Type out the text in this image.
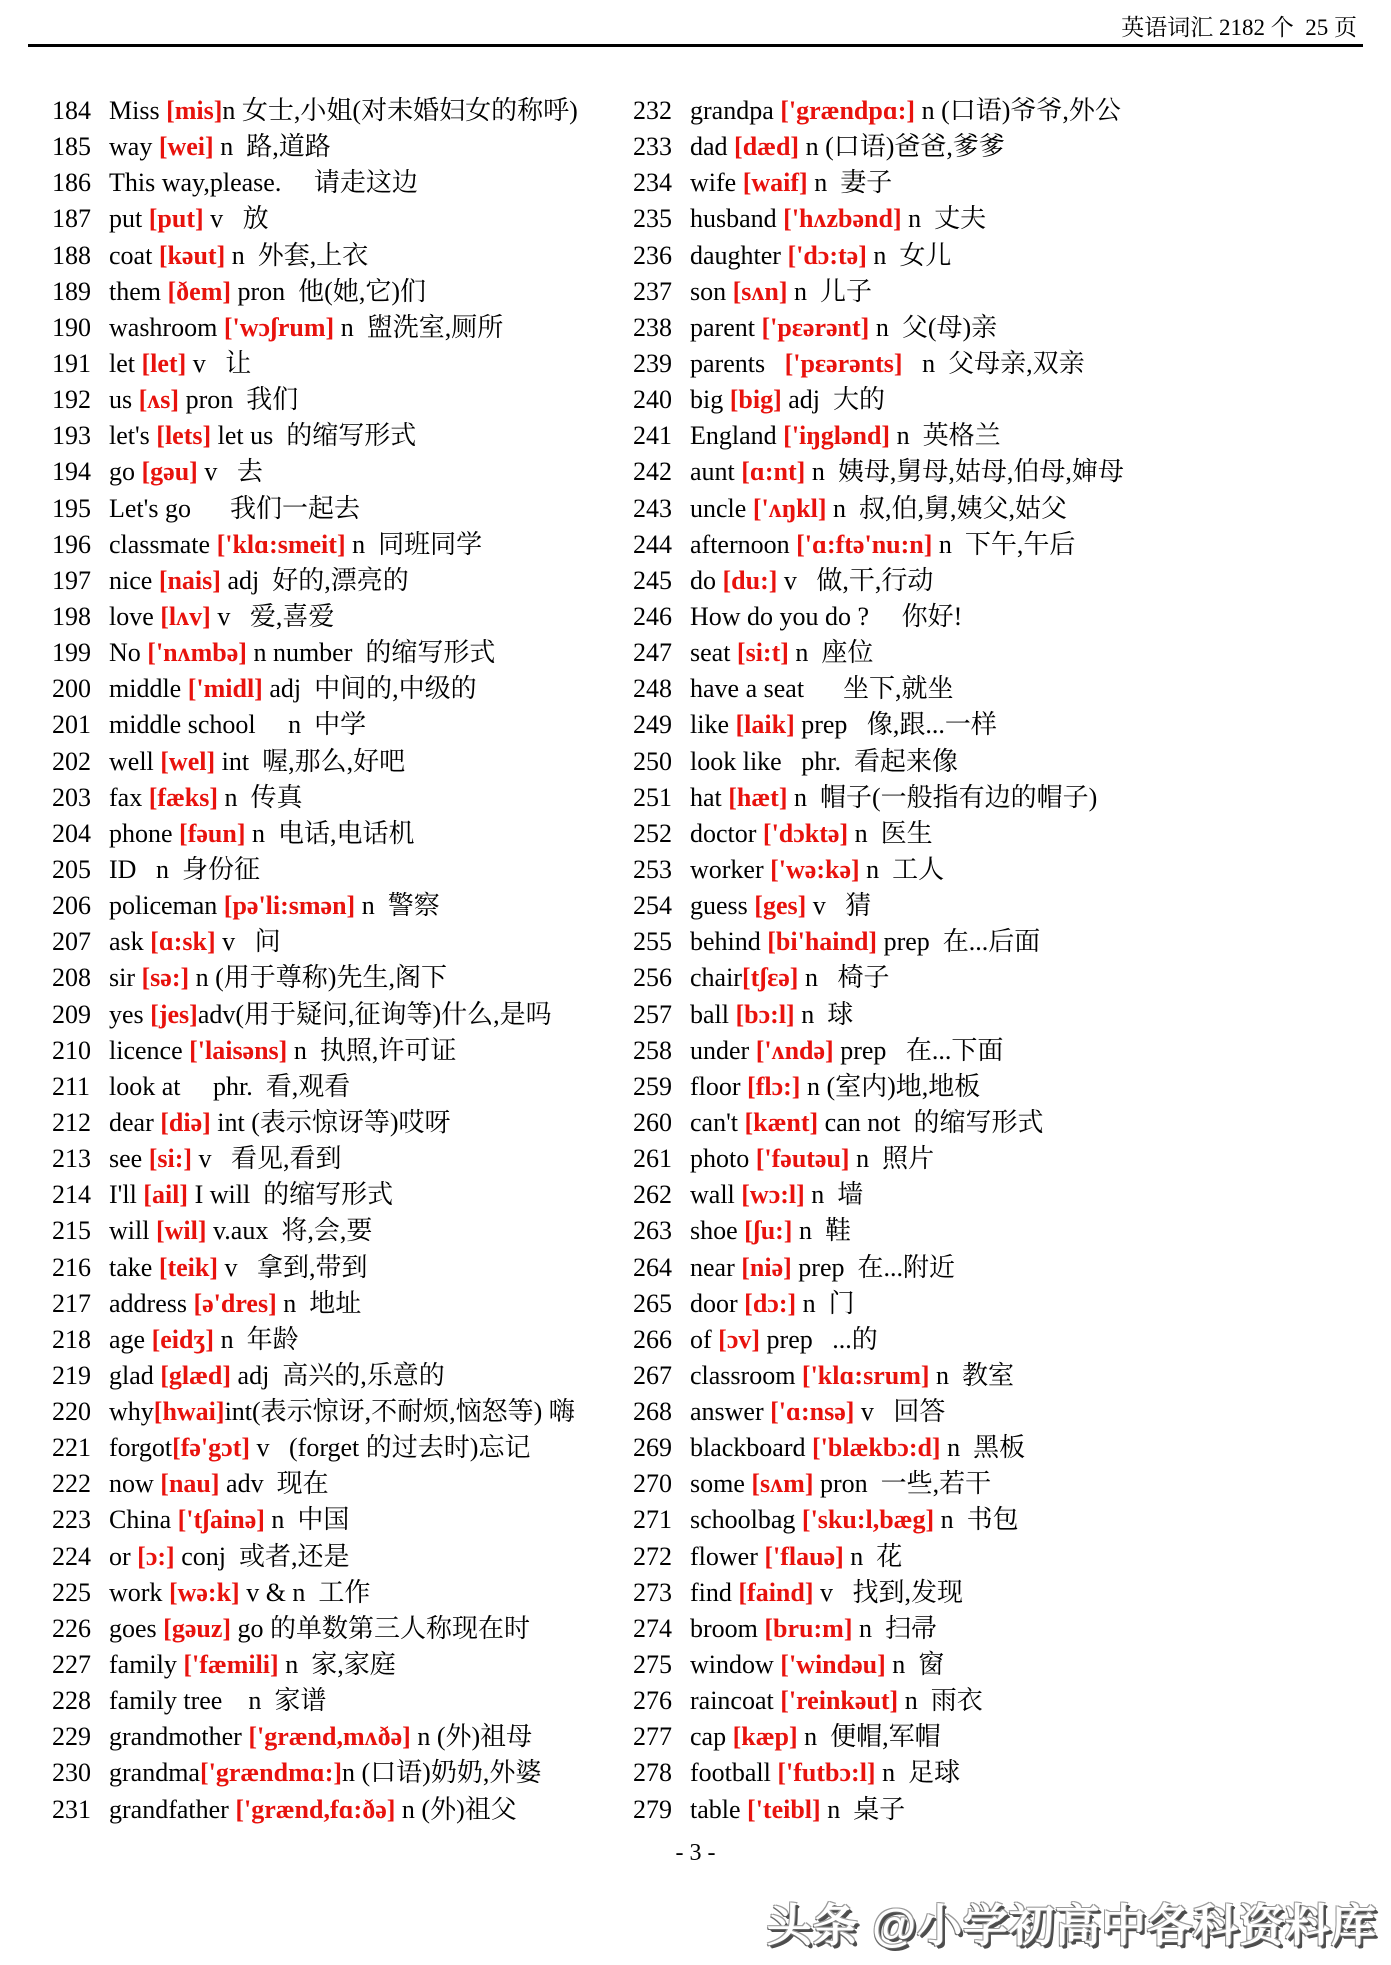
英语词汇 2182 个  25 页
184 Miss [mis]n 女士,小姐(对未婚妇女的称呼)
185 way [wei] n  路,道路
186 This way,please.     请走这边
187 put [put] v   放
188 coat [kəut] n  外套,上衣
189 them [ðem] pron  他(她,它)们
190 washroom ['wɔʃrum] n  盥洗室,厕所
191 let [let] v   让
192 us [ʌs] pron  我们
193 let's [lets] let us  的缩写形式
194 go [gəu] v   去
195 Let's go      我们一起去
196 classmate ['klɑ:smeit] n  同班同学
197 nice [nais] adj  好的,漂亮的
198 love [lʌv] v   爱,喜爱
199 No ['nʌmbə] n number  的缩写形式
200 middle ['midl] adj  中间的,中级的
201 middle school     n  中学
202 well [wel] int  喔,那么,好吧
203 fax [fæks] n  传真
204 phone [fəun] n  电话,电话机
205 ID   n  身份征
206 policeman [pə'li:smən] n  警察
207 ask [ɑ:sk] v   问
208 sir [sə:] n (用于尊称)先生,阁下
209 yes [jes]adv(用于疑问,征询等)什么,是吗
210 licence ['laisəns] n  执照,许可证
211 look at     phr.  看,观看
212 dear [diə] int (表示惊讶等)哎呀
213 see [si:] v   看见,看到
214 I'll [ail] I will  的缩写形式
215 will [wil] v.aux  将,会,要
216 take [teik] v   拿到,带到
217 address [ə'dres] n  地址
218 age [eidʒ] n  年龄
219 glad [glæd] adj  高兴的,乐意的
220 why[hwai]int(表示惊讶,不耐烦,恼怒等) 嗨
221 forgot[fə'gɔt] v   (forget 的过去时)忘记
222 now [nau] adv  现在
223 China ['tʃainə] n  中国
224 or [ɔ:] conj  或者,还是
225 work [wə:k] v & n  工作
226 goes [gəuz] go 的单数第三人称现在时
227 family ['fæmili] n  家,家庭
228 family tree    n  家谱
229 grandmother ['grænd,mʌðə] n (外)祖母
230 grandma['grændmɑ:]n (口语)奶奶,外婆
231 grandfather ['grænd,fɑ:ðə] n (外)祖父
232 grandpa ['grændpɑ:] n (口语)爷爷,外公
233 dad [dæd] n (口语)爸爸,爹爹
234 wife [waif] n  妻子
235 husband ['hʌzbənd] n  丈夫
236 daughter ['dɔ:tə] n  女儿
237 son [sʌn] n  儿子
238 parent ['pɛərənt] n  父(母)亲
239 parents   ['pɛərənts]   n  父母亲,双亲
240 big [big] adj  大的
241 England ['iŋglənd] n  英格兰
242 aunt [ɑ:nt] n  姨母,舅母,姑母,伯母,婶母
243 uncle ['ʌŋkl] n  叔,伯,舅,姨父,姑父
244 afternoon ['ɑ:ftə'nu:n] n  下午,午后
245 do [du:] v   做,干,行动
246 How do you do ?     你好!
247 seat [si:t] n  座位
248 have a seat      坐下,就坐
249 like [laik] prep   像,跟...一样
250 look like   phr.  看起来像
251 hat [hæt] n  帽子(一般指有边的帽子)
252 doctor ['dɔktə] n  医生
253 worker ['wə:kə] n  工人
254 guess [ges] v   猜
255 behind [bi'haind] prep  在...后面
256 chair[tʃɛə] n   椅子
257 ball [bɔ:l] n  球
258 under ['ʌndə] prep   在...下面
259 floor [flɔ:] n (室内)地,地板
260 can't [kænt] can not  的缩写形式
261 photo ['fəutəu] n  照片
262 wall [wɔ:l] n  墙
263 shoe [ʃu:] n  鞋
264 near [niə] prep  在...附近
265 door [dɔ:] n  门
266 of [ɔv] prep   ...的
267 classroom ['klɑ:srum] n  教室
268 answer ['ɑ:nsə] v   回答
269 blackboard ['blækbɔ:d] n  黑板
270 some [sʌm] pron  一些,若干
271 schoolbag ['sku:l,bæg] n  书包
272 flower ['flauə] n  花
273 find [faind] v   找到,发现
274 broom [bru:m] n  扫帚
275 window ['windəu] n  窗
276 raincoat ['reinkəut] n  雨衣
277 cap [kæp] n  便帽,军帽
278 football ['futbɔ:l] n  足球
279 table ['teibl] n  桌子
- 3 -
头条 @小学初高中各科资料库
